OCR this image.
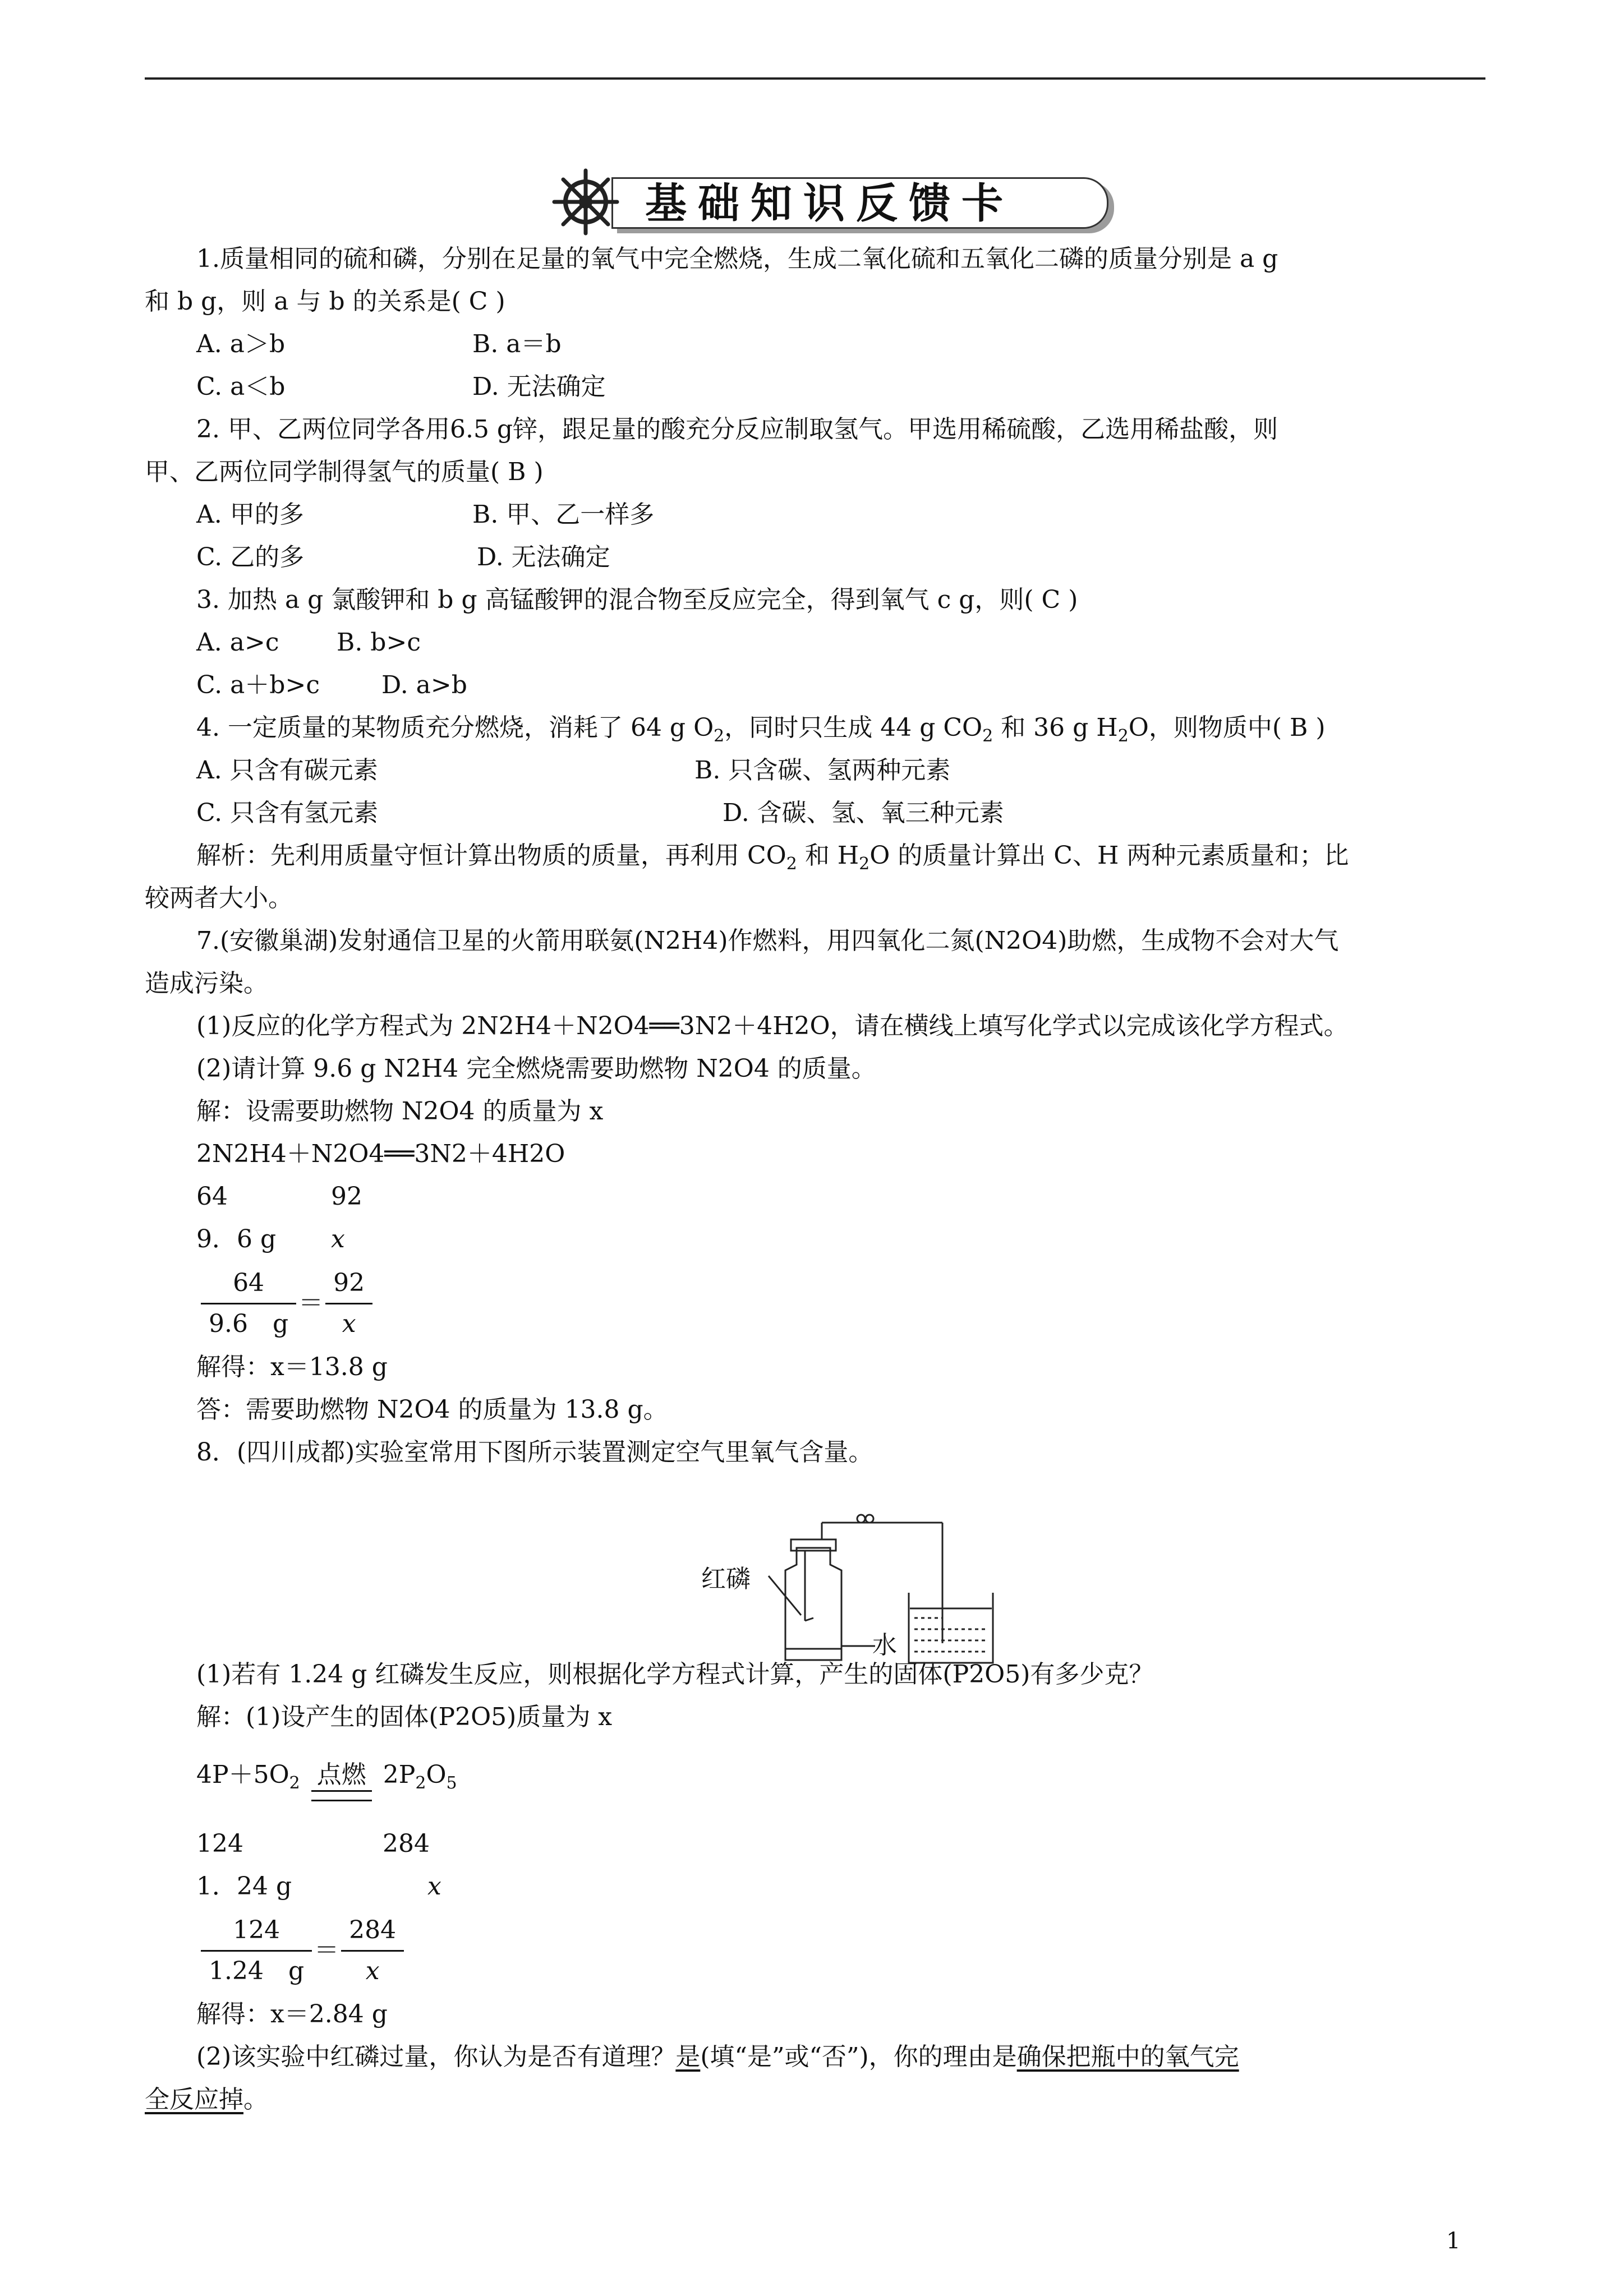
基础知识反馈卡
1.质量相同的硫和磷，分别在足量的氧气中完全燃烧，生成二氧化硫和五氧化二磷的质量分别是 a g
和 b g，则 a 与 b 的关系是( C )
A. a＞b	B. a＝b
C. a＜b	D. 无法确定
2. 甲、乙两位同学各用6.5 g锌，跟足量的酸充分反应制取氢气。甲选用稀硫酸，乙选用稀盐酸，则
甲、乙两位同学制得氢气的质量( B )
A. 甲的多	B. 甲、乙一样多
C. 乙的多	D. 无法确定
3. 加热 a g 氯酸钾和 b g 高锰酸钾的混合物至反应完全，得到氧气 c g，则( C )
A. a>c B. b>c
C. a＋b>c	D. a>b
4. 一定质量的某物质充分燃烧，消耗了 64 g $O_2$，同时只生成 44 g $CO_2$ 和 36 g $H_2O$，则物质中( B )
A. 只含有碳元素	B. 只含碳、氢两种元素
C. 只含有氢元素	D. 含碳、氢、氧三种元素
解析：先利用质量守恒计算出物质的质量，再利用 $CO_2$ 和 $H_2O$ 的质量计算出 C、H 两种元素质量和；比
较两者大小。
7.(安徽巢湖)发射通信卫星的火箭用联氨(N2H4)作燃料，用四氧化二氮(N2O4)助燃，生成物不会对大气
造成污染。
(1)反应的化学方程式为 2N2H4＋N2O4══3N2＋4H2O，请在横线上填写化学式以完成该化学方程式。
(2)请计算 9.6 g N2H4 完全燃烧需要助燃物 N2O4 的质量。
解：设需要助燃物 N2O4 的质量为 x
2N2H4＋N2O4══3N2＋4H2O
64	92
9．6 g x
$\frac{64}{9.6 g} = \frac{92}{x}$
解得：x＝13.8 g
答：需要助燃物 N2O4 的质量为 13.8 g。
8．(四川成都)实验室常用下图所示装置测定空气里氧气含量。
(1)若有 1.24 g 红磷发生反应，则根据化学方程式计算，产生的固体(P2O5)有多少克？
解：(1)设产生的固体(P2O5)质量为 x
$4P+5O_2$ 点燃 $2P_2O_5$
124	284
1．24 g	x
$\frac{124}{1.24 g} = \frac{284}{x}$
解得：x＝2.84 g
(2)该实验中红磷过量，你认为是否有道理？是(填“是”或“否”)，你的理由是确保把瓶中的氧气完
全反应掉。
红磷
水
1
